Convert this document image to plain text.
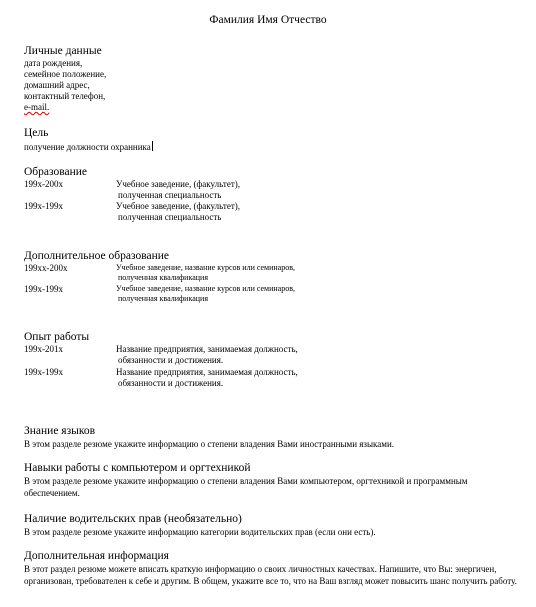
Фамилия Имя Отчество
Личные данные
дата рождения,
семейное положение,
домашний адрес,
контактный телефон,
e-mail.
Цель
получение должности охранника
Образование
199х-200х	Учебное заведение, (факультет),
полученная специальность
199х-199х	Учебное заведение, (факультет),
полученная специальность
Дополнительное образование
199хх-200х	Учебное заведение, название курсов или семинаров,
полученная квалификация
199х-199х	Учебное заведение, название курсов или семинаров,
полученная квалификация
Опыт работы
199х-201х	Название предприятия, занимаемая должность,
обязанности и достижения.
199х-199х	Название предприятия, занимаемая должность,
обязанности и достижения.
Знание языков
В этом разделе резюме укажите информацию о степени владения Вами иностранными языками.
Навыки работы с компьютером и оргтехникой
В этом разделе резюме укажите информацию о степени владения Вами компьютером, оргтехникой и программным обеспечением.
Наличие водительских прав (необязательно)
В этом разделе резюме укажите информацию категории водительских прав (если они есть).
Дополнительная информация
В этот раздел резюме можете вписать краткую информацию о своих личностных качествах. Напишите, что Вы: энергичен, организован, требователен к себе и другим. В общем, укажите все то, что на Ваш взгляд может повысить шанс получить работу.
